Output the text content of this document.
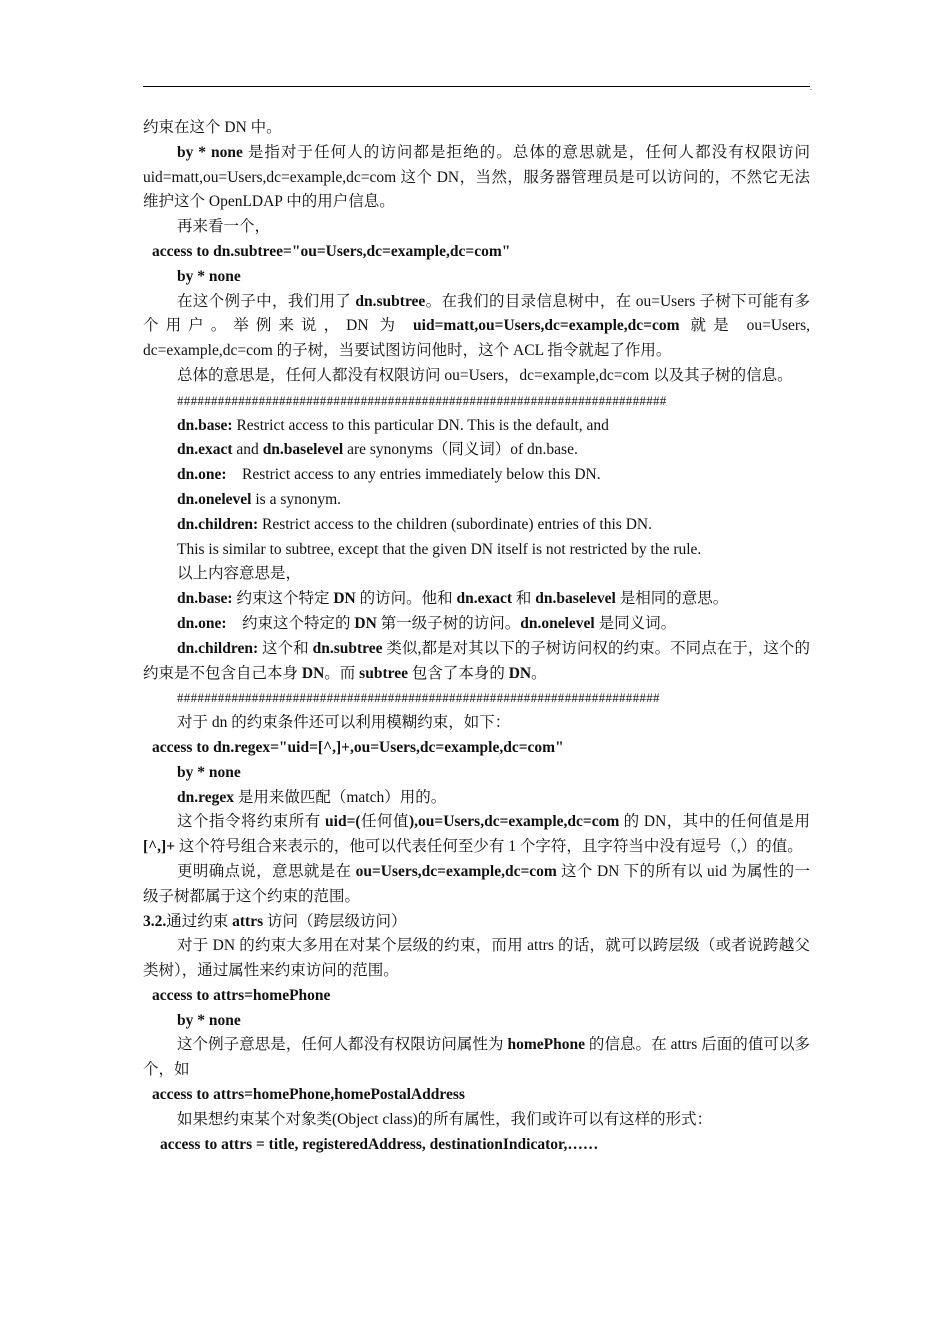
.

约束在这个 DN 中。

by * none 是指对于任何人的访问都是拒绝的。总体的意思就是，任何人都没有权限访问 uid=matt,ou=Users,dc=example,dc=com 这个 DN，当然，服务器管理员是可以访问的，不然它无法维护这个 OpenLDAP 中的用户信息。

再来看一个，

access to dn.subtree="ou=Users,dc=example,dc=com"

by * none

在这个例子中，我们用了 dn.subtree。在我们的目录信息树中，在 ou=Users 子树下可能有多个用户。举例来说，DN 为 uid=matt,ou=Users,dc=example,dc=com 就是 ou=Users, dc=example,dc=com 的子树，当要试图访问他时，这个 ACL 指令就起了作用。

总体的意思是，任何人都没有权限访问 ou=Users，dc=example,dc=com 以及其子树的信息。

########################################################################

dn.base: Restrict access to this particular DN. This is the default, and

dn.exact and dn.baselevel are synonyms（同义词）of dn.base.

dn.one:    Restrict access to any entries immediately below this DN.

dn.onelevel is a synonym.

dn.children: Restrict access to the children (subordinate) entries of this DN.

This is similar to subtree, except that the given DN itself is not restricted by the rule.

以上内容意思是，

dn.base: 约束这个特定 DN 的访问。他和 dn.exact 和 dn.baselevel 是相同的意思。

dn.one:    约束这个特定的 DN 第一级子树的访问。dn.onelevel 是同义词。

dn.children: 这个和 dn.subtree 类似,都是对其以下的子树访问权的约束。不同点在于，这个的约束是不包含自己本身 DN。而 subtree 包含了本身的 DN。

#######################################################################

对于 dn 的约束条件还可以利用模糊约束，如下：

access to dn.regex="uid=[^,]+,ou=Users,dc=example,dc=com"

by * none

dn.regex 是用来做匹配（match）用的。

这个指令将约束所有 uid=(任何值),ou=Users,dc=example,dc=com 的 DN，其中的任何值是用 [^,]+ 这个符号组合来表示的，他可以代表任何至少有 1 个字符，且字符当中没有逗号（,）的值。

更明确点说，意思就是在 ou=Users,dc=example,dc=com 这个 DN 下的所有以 uid 为属性的一级子树都属于这个约束的范围。

3.2.通过约束 attrs 访问（跨层级访问）

对于 DN 的约束大多用在对某个层级的约束，而用 attrs 的话，就可以跨层级（或者说跨越父类树），通过属性来约束访问的范围。

access to attrs=homePhone

by * none

这个例子意思是，任何人都没有权限访问属性为 homePhone 的信息。在 attrs 后面的值可以多个，如

access to attrs=homePhone,homePostalAddress

如果想约束某个对象类(Object class)的所有属性，我们或许可以有这样的形式：

access to attrs = title, registeredAddress, destinationIndicator,……
